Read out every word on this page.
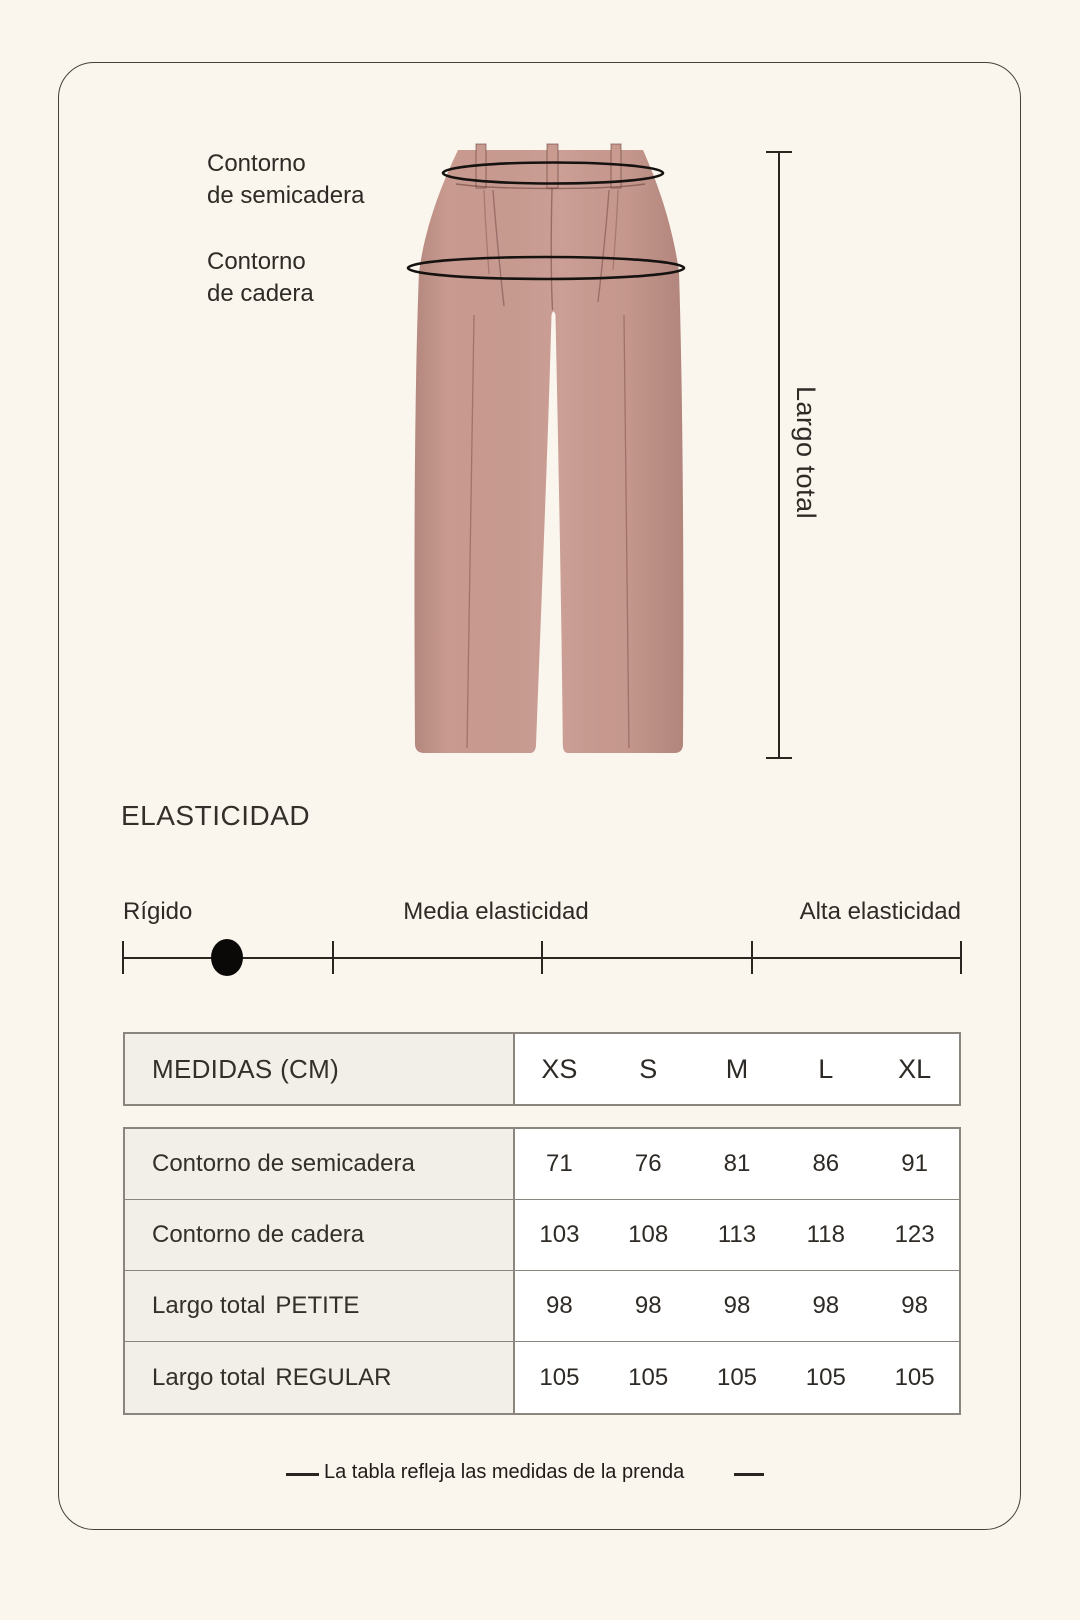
Contorno
de semicadera
Contorno
de cadera
Largo total
ELASTICIDAD
Rígido	Media elasticidad	Alta elasticidad
MEDIDAS (CM)	XS	S	M	L	XL
Contorno de semicadera	71	76	81	86	91
Contorno de cadera	103	108	113	118	123
Largo total PETITE	98	98	98	98	98
Largo total REGULAR	105	105	105	105	105
La tabla refleja las medidas de la prenda
